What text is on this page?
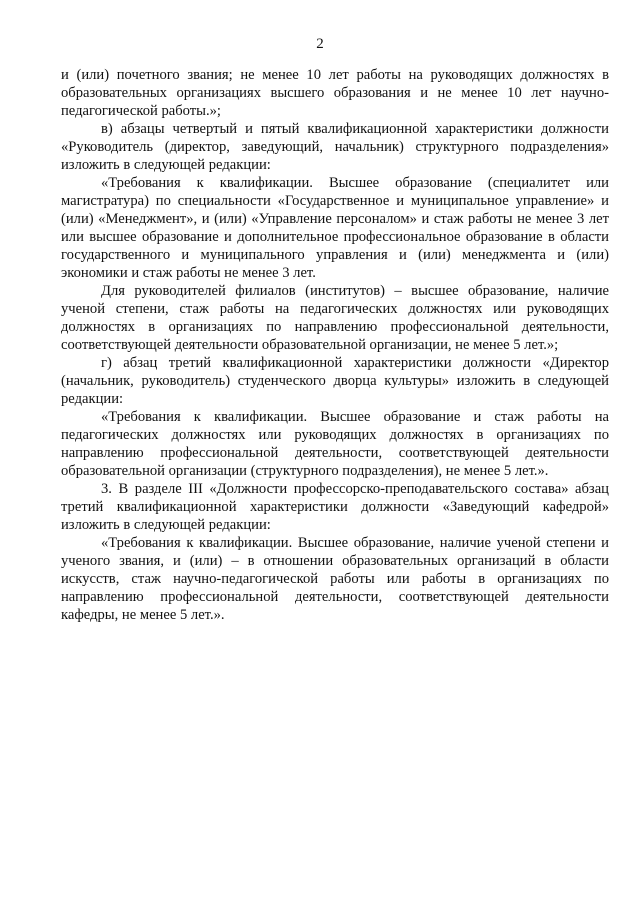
2

и (или) почетного звания; не менее 10 лет работы на руководящих должностях в образовательных организациях высшего образования и не менее 10 лет научно-педагогической работы.»;

в) абзацы четвертый и пятый квалификационной характеристики должности «Руководитель (директор, заведующий, начальник) структурного подразделения» изложить в следующей редакции:

«Требования к квалификации. Высшее образование (специалитет или магистратура) по специальности «Государственное и муниципальное управление» и (или) «Менеджмент», и (или) «Управление персоналом» и стаж работы не менее 3 лет или высшее образование и дополнительное профессиональное образование в области государственного и муниципального управления и (или) менеджмента и (или) экономики и стаж работы не менее 3 лет.

Для руководителей филиалов (институтов) – высшее образование, наличие ученой степени, стаж работы на педагогических должностях или руководящих должностях в организациях по направлению профессиональной деятельности, соответствующей деятельности образовательной организации, не менее 5 лет.»;

г) абзац третий квалификационной характеристики должности «Директор (начальник, руководитель) студенческого дворца культуры» изложить в следующей редакции:

«Требования к квалификации. Высшее образование и стаж работы на педагогических должностях или руководящих должностях в организациях по направлению профессиональной деятельности, соответствующей деятельности образовательной организации (структурного подразделения), не менее 5 лет.».

3. В разделе III «Должности профессорско-преподавательского состава» абзац третий квалификационной характеристики должности «Заведующий кафедрой» изложить в следующей редакции:

«Требования к квалификации. Высшее образование, наличие ученой степени и ученого звания, и (или) – в отношении образовательных организаций в области искусств, стаж научно-педагогической работы или работы в организациях по направлению профессиональной деятельности, соответствующей деятельности кафедры, не менее 5 лет.».
